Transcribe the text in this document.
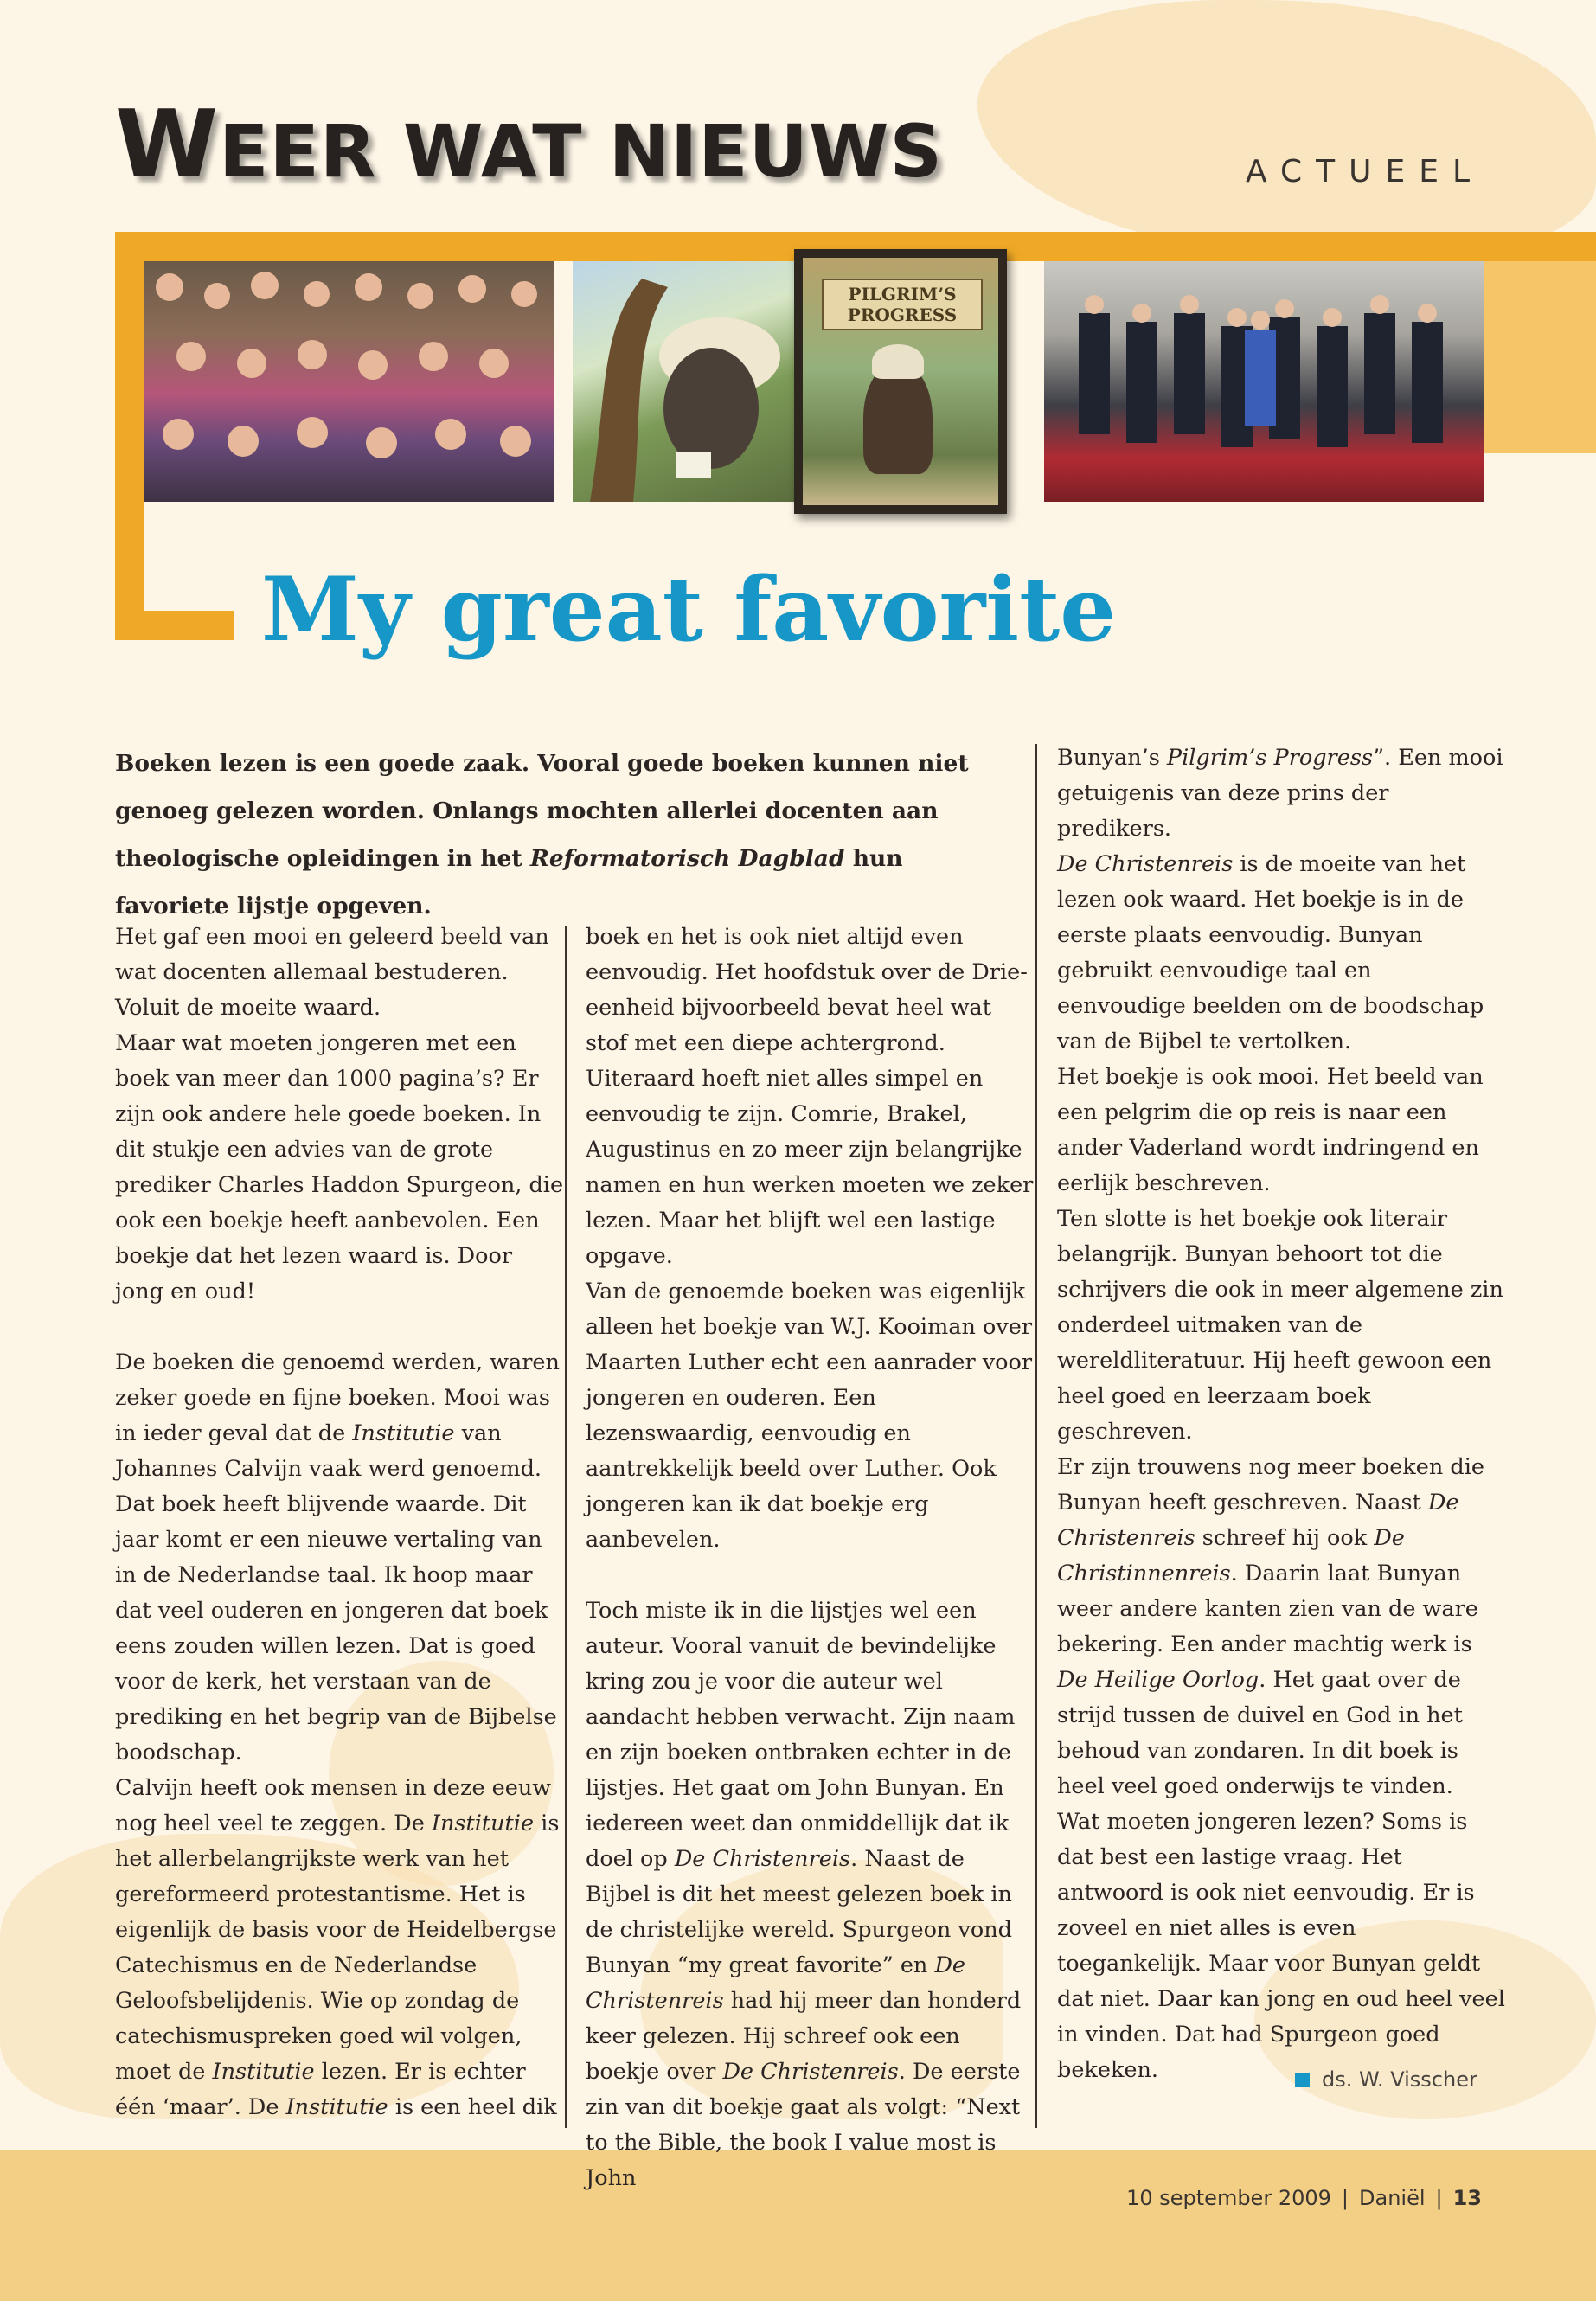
WEER WAT NIEUWS	ACTUEEL
PILGRIM’S
PROGRESS
My great favorite

Boeken lezen is een goede zaak. Vooral goede boeken kunnen niet genoeg gelezen worden. Onlangs mochten allerlei docenten aan theologische opleidingen in het Reformatorisch Dagblad hun favoriete lijstje opgeven.

Het gaf een mooi en geleerd beeld van wat docenten allemaal bestuderen. Voluit de moeite waard.

Maar wat moeten jongeren met een boek van meer dan 1000 pagina’s? Er zijn ook andere hele goede boeken. In dit stukje een advies van de grote prediker Charles Haddon Spurgeon, die ook een boekje heeft aanbevolen. Een boekje dat het lezen waard is. Door jong en oud!

De boeken die genoemd werden, waren zeker goede en fijne boeken. Mooi was in ieder geval dat de Institutie van Johannes Calvijn vaak werd genoemd. Dat boek heeft blijvende waarde. Dit jaar komt er een nieuwe vertaling van in de Nederlandse taal. Ik hoop maar dat veel ouderen en jongeren dat boek eens zouden willen lezen. Dat is goed voor de kerk, het verstaan van de prediking en het begrip van de Bijbelse boodschap.

Calvijn heeft ook mensen in deze eeuw nog heel veel te zeggen. De Institutie is het allerbelangrijkste werk van het gereformeerd protestantisme. Het is eigenlijk de basis voor de Heidelbergse Catechismus en de Nederlandse Geloofsbelijdenis. Wie op zondag de catechismuspreken goed wil volgen, moet de Institutie lezen. Er is echter één ‘maar’. De Institutie is een heel dik

boek en het is ook niet altijd even eenvoudig. Het hoofdstuk over de Drie-eenheid bijvoorbeeld bevat heel wat stof met een diepe achtergrond.

Uiteraard hoeft niet alles simpel en eenvoudig te zijn. Comrie, Brakel, Augustinus en zo meer zijn belangrijke namen en hun werken moeten we zeker lezen. Maar het blijft wel een lastige opgave.

Van de genoemde boeken was eigenlijk alleen het boekje van W.J. Kooiman over Maarten Luther echt een aanrader voor jongeren en ouderen. Een lezenswaardig, eenvoudig en aantrekkelijk beeld over Luther. Ook jongeren kan ik dat boekje erg aanbevelen.

Toch miste ik in die lijstjes wel een auteur. Vooral vanuit de bevindelijke kring zou je voor die auteur wel aandacht hebben verwacht. Zijn naam en zijn boeken ontbraken echter in de lijstjes. Het gaat om John Bunyan. En iedereen weet dan onmiddellijk dat ik doel op De Christenreis. Naast de Bijbel is dit het meest gelezen boek in de christelijke wereld. Spurgeon vond Bunyan “my great favorite” en De Christenreis had hij meer dan honderd keer gelezen. Hij schreef ook een boekje over De Christenreis. De eerste zin van dit boekje gaat als volgt: “Next to the Bible, the book I value most is John

Bunyan’s Pilgrim’s Progress”. Een mooi getuigenis van deze prins der predikers.

De Christenreis is de moeite van het lezen ook waard. Het boekje is in de eerste plaats eenvoudig. Bunyan gebruikt eenvoudige taal en eenvoudige beelden om de boodschap van de Bijbel te vertolken.

Het boekje is ook mooi. Het beeld van een pelgrim die op reis is naar een ander Vaderland wordt indringend en eerlijk beschreven.

Ten slotte is het boekje ook literair belangrijk. Bunyan behoort tot die schrijvers die ook in meer algemene zin onderdeel uitmaken van de wereldliteratuur. Hij heeft gewoon een heel goed en leerzaam boek geschreven.

Er zijn trouwens nog meer boeken die Bunyan heeft geschreven. Naast De Christenreis schreef hij ook De Christinnenreis. Daarin laat Bunyan weer andere kanten zien van de ware bekering. Een ander machtig werk is De Heilige Oorlog. Het gaat over de strijd tussen de duivel en God in het behoud van zondaren. In dit boek is heel veel goed onderwijs te vinden.

Wat moeten jongeren lezen? Soms is dat best een lastige vraag. Het antwoord is ook niet eenvoudig. Er is zoveel en niet alles is even toegankelijk. Maar voor Bunyan geldt dat niet. Daar kan jong en oud heel veel in vinden. Dat had Spurgeon goed bekeken.	ds. W. Visscher
10 september 2009 | Daniël | 13
